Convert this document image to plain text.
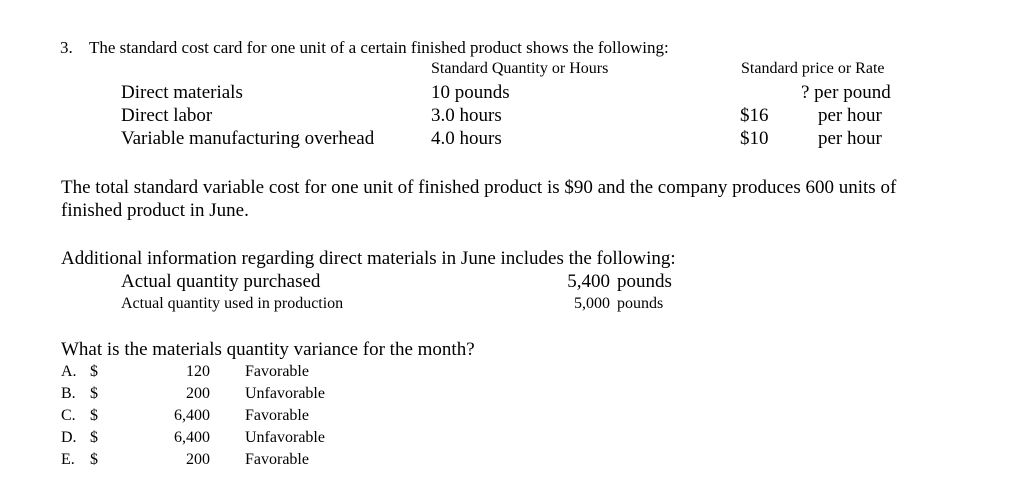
3. The standard cost card for one unit of a certain finished product shows the following:
Standard Quantity or Hours	Standard price or Rate
Direct materials	10 pounds	? per pound
Direct labor	3.0 hours	$16	per hour
Variable manufacturing overhead	4.0 hours	$10	per hour
The total standard variable cost for one unit of finished product is $90 and the company produces 600 units of
finished product in June.
Additional information regarding direct materials in June includes the following:
Actual quantity purchased	5,400 pounds
Actual quantity used in production	5,000 pounds
What is the materials quantity variance for the month?
A. $	120 Favorable
B. $	200 Unfavorable
C. $	6,400 Favorable
D. $	6,400 Unfavorable
E. $	200 Favorable
